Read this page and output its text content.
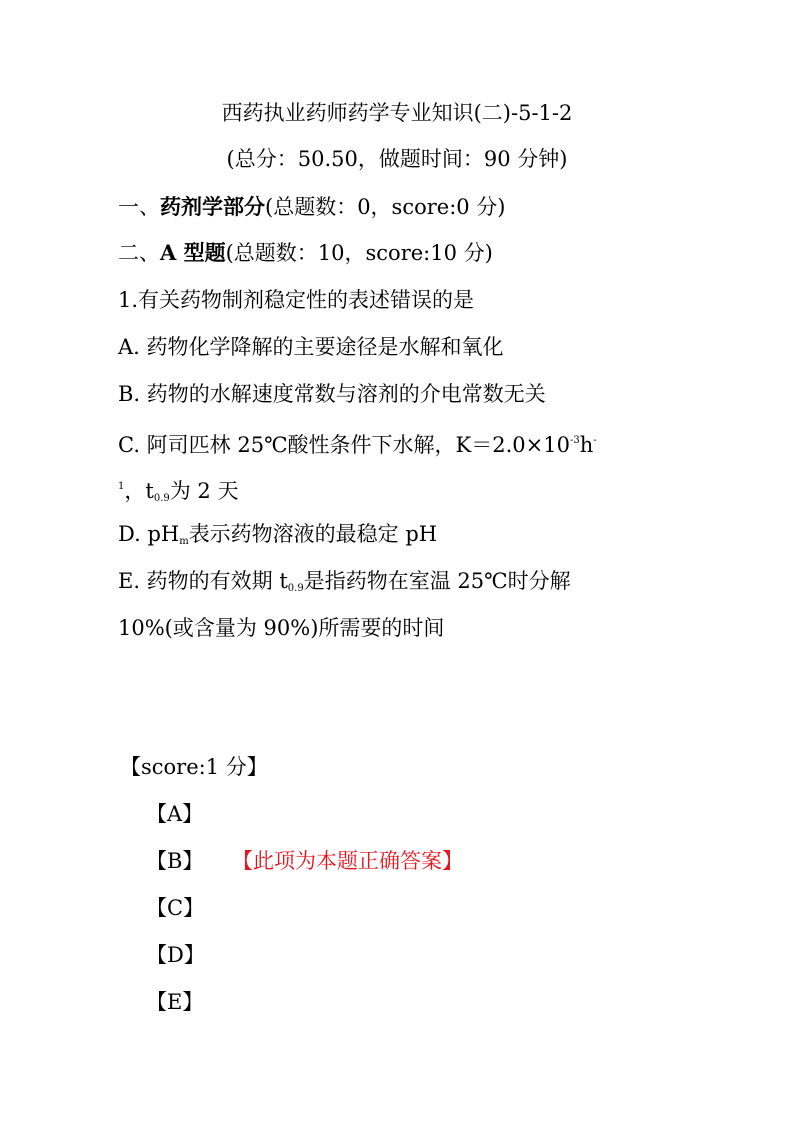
西药执业药师药学专业知识(二)-5-1-2
(总分：50.50，做题时间：90 分钟)
一、药剂学部分(总题数：0，score:0 分)
二、A 型题(总题数：10，score:10 分)
1.有关药物制剂稳定性的表述错误的是
A. 药物化学降解的主要途径是水解和氧化
B. 药物的水解速度常数与溶剂的介电常数无关
C. 阿司匹林 25℃酸性条件下水解，$K=2.0\times 10^{-3}h^-$
$^1$，$t_{0.9}$为 2 天
D. $pH_m$表示药物溶液的最稳定 pH
E. 药物的有效期 $t_{0.9}$是指药物在室温 25℃时分解
10%(或含量为 90%)所需要的时间
【score:1 分】
【A】
【B】 【此项为本题正确答案】
【C】
【D】
【E】
